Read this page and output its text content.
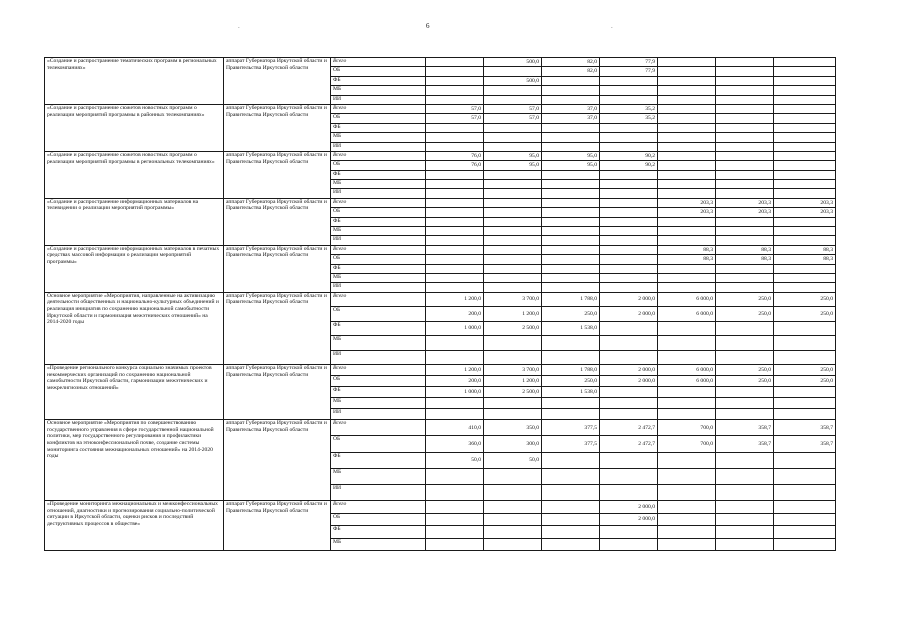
.	6	.
«Создание и распространение тематических программ в региональных телекомпаниях»	аппарат Губернатора Иркутской области и Правительства Иркутской области	Всего		500,0	82,0	77,9			
		ОБ			82,0	77,9			
		ФБ		500,0					
		МБ							
		ИИ							
«Создание и распространение сюжетов новостных программ о реализации мероприятий программы в районных телекомпаниях»	аппарат Губернатора Иркутской области и Правительства Иркутской области	Всего	57,0	57,0	37,0	35,2			
		ОБ	57,0	57,0	37,0	35,2			
		ФБ							
		МБ							
		ИИ							
«Создание и распространение сюжетов новостных программ о реализации мероприятий программы в региональных телекомпаниях»	аппарат Губернатора Иркутской области и Правительства Иркутской области	Всего	76,0	95,0	95,0	90,2			
		ОБ	76,0	95,0	95,0	90,2			
		ФБ							
		МБ							
		ИИ							
«Создание и распространение информационных материалов на телевидении о реализации мероприятий программы»	аппарат Губернатора Иркутской области и Правительства Иркутской области	Всего					203,3	203,3	203,3
		ОБ					203,3	203,3	203,3
		ФБ							
		МБ							
		ИИ							
«Создание и распространение информационных материалов в печатных средствах массовой информации о реализации мероприятий программы»	аппарат Губернатора Иркутской области и Правительства Иркутской области	Всего					88,3	88,3	88,3
		ОБ					88,3	88,3	88,3
		ФБ							
		МБ							
		ИИ							
Основное мероприятие «Мероприятия, направленные на активизацию деятельности общественных и национально-культурных объединений и реализация инициатив по сохранению национальной самобытности Иркутской области и гармонизация межэтнических отношений» на 2014-2020 годы	аппарат Губернатора Иркутской области и Правительства Иркутской области	Всего	1 200,0	3 700,0	1 788,0	2 000,0	6 000,0	250,0	250,0
		ОБ	200,0	1 200,0	250,0	2 000,0	6 000,0	250,0	250,0
		ФБ	1 000,0	2 500,0	1 538,0				
		МБ							
		ИИ							
«Проведение регионального конкурса социально значимых проектов некоммерческих организаций по сохранению национальной самобытности Иркутской области, гармонизации межэтнических и межрелигиозных отношений»	аппарат Губернатора Иркутской области и Правительства Иркутской области	Всего	1 200,0	3 700,0	1 788,0	2 000,0	6 000,0	250,0	250,0
		ОБ	200,0	1 200,0	250,0	2 000,0	6 000,0	250,0	250,0
		ФБ	1 000,0	2 500,0	1 538,0				
		МБ							
		ИИ							
Основное мероприятие «Мероприятия по совершенствованию государственного управления в сфере государственной национальной политики, мер государственного регулирования и профилактики конфликтов на этноконфессиональной почве, создание системы мониторинга состояния межнациональных отношений» на 2014-2020 годы	аппарат Губернатора Иркутской области и Правительства Иркутской области	Всего	410,0	350,0	377,5	2 472,7	700,0	358,7	358,7
		ОБ	360,0	300,0	377,5	2 472,7	700,0	358,7	358,7
		ФБ	50,0	50,0					
		МБ							
		ИИ							
«Проведение мониторинга межнациональных и межконфессиональных отношений, диагностики и прогнозирования социально-политической ситуации в Иркутской области, оценки рисков и последствий деструктивных процессов в обществе»	аппарат Губернатора Иркутской области и Правительства Иркутской области	Всего				2 000,0			
		ОБ				2 000,0			
		ФБ							
		МБ							
